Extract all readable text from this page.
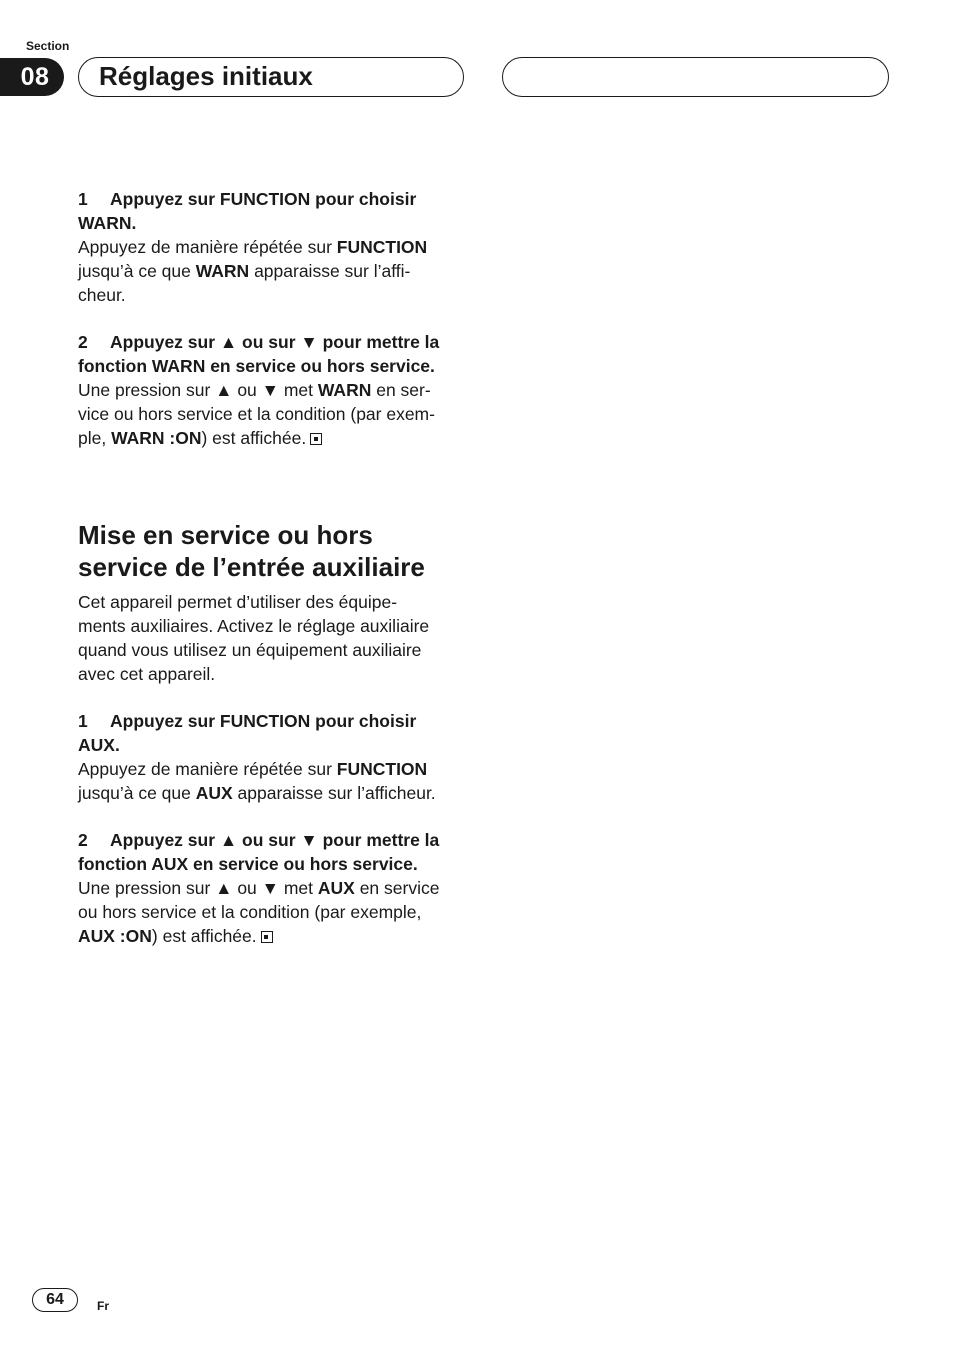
Section
08	Réglages initiaux
1 Appuyez sur FUNCTION pour choisir
WARN.
Appuyez de manière répétée sur FUNCTION
jusqu’à ce que WARN apparaisse sur l’affi-
cheur.
2 Appuyez sur ▲ ou sur ▼ pour mettre la
fonction WARN en service ou hors service.
Une pression sur ▲ ou ▼ met WARN en ser-
vice ou hors service et la condition (par exem-
ple, WARN :ON) est affichée.
Mise en service ou hors
service de l’entrée auxiliaire
Cet appareil permet d’utiliser des équipe-
ments auxiliaires. Activez le réglage auxiliaire
quand vous utilisez un équipement auxiliaire
avec cet appareil.
1 Appuyez sur FUNCTION pour choisir
AUX.
Appuyez de manière répétée sur FUNCTION
jusqu’à ce que AUX apparaisse sur l’afficheur.
2 Appuyez sur ▲ ou sur ▼ pour mettre la
fonction AUX en service ou hors service.
Une pression sur ▲ ou ▼ met AUX en service
ou hors service et la condition (par exemple,
AUX :ON) est affichée.
64	Fr
